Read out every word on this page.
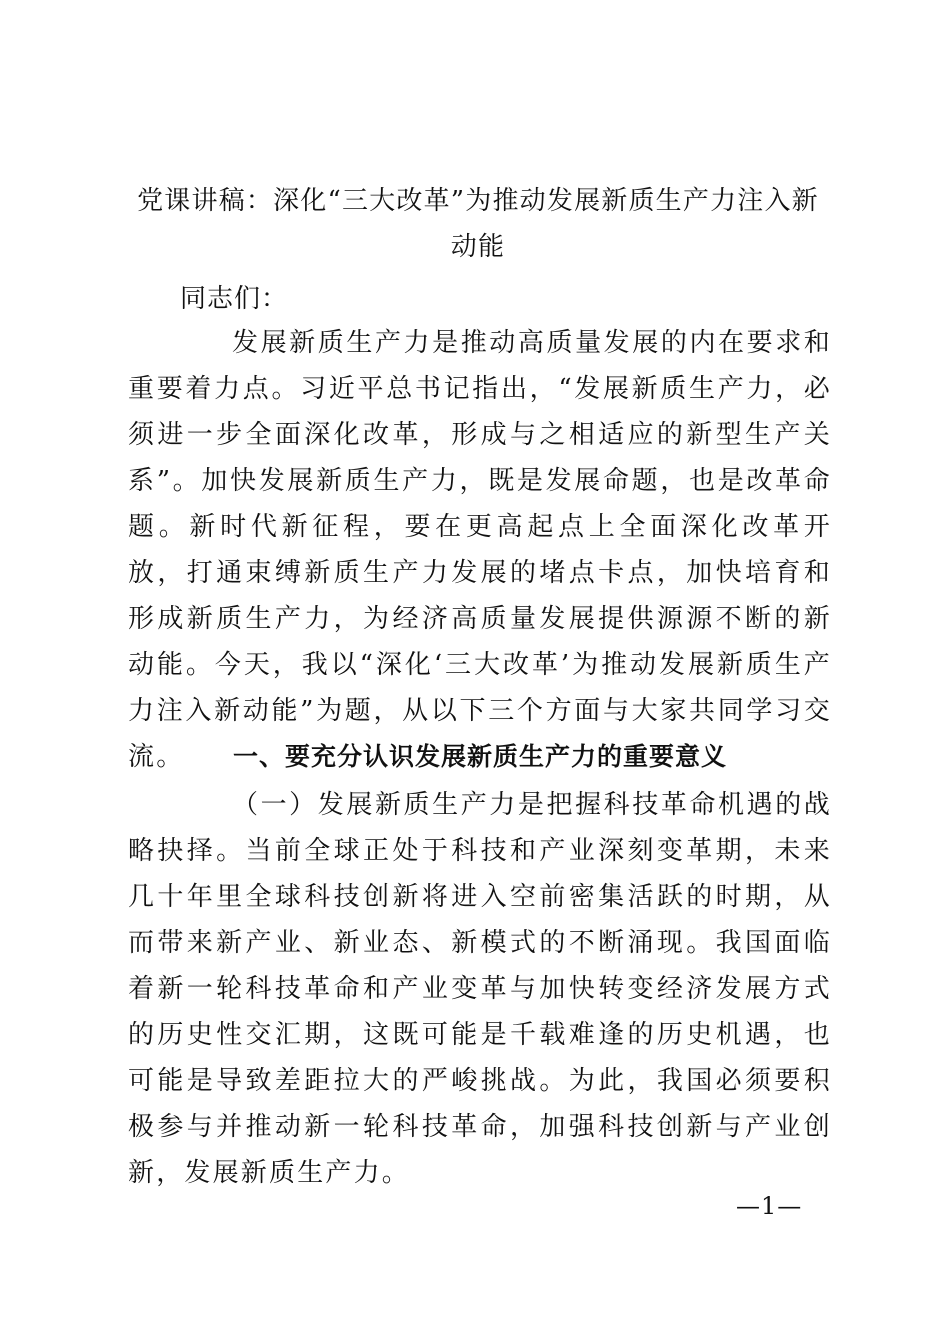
党课讲稿：深化“三大改革”为推动发展新质生产力注入新动能
同志们：

发展新质生产力是推动高质量发展的内在要求和重要着力点。习近平总书记指出，“发展新质生产力，必须进一步全面深化改革，形成与之相适应的新型生产关系”。加快发展新质生产力，既是发展命题，也是改革命题。新时代新征程，要在更高起点上全面深化改革开放，打通束缚新质生产力发展的堵点卡点，加快培育和形成新质生产力，为经济高质量发展提供源源不断的新动能。今天，我以“深化‘三大改革’为推动发展新质生产力注入新动能”为题，从以下三个方面与大家共同学习交流。	一、要充分认识发展新质生产力的重要意义

（一）发展新质生产力是把握科技革命机遇的战略抉择。当前全球正处于科技和产业深刻变革期，未来几十年里全球科技创新将进入空前密集活跃的时期，从而带来新产业、新业态、新模式的不断涌现。我国面临着新一轮科技革命和产业变革与加快转变经济发展方式的历史性交汇期，这既可能是千载难逢的历史机遇，也可能是导致差距拉大的严峻挑战。为此，我国必须要积极参与并推动新一轮科技革命，加强科技创新与产业创新，发展新质生产力。

—1—
